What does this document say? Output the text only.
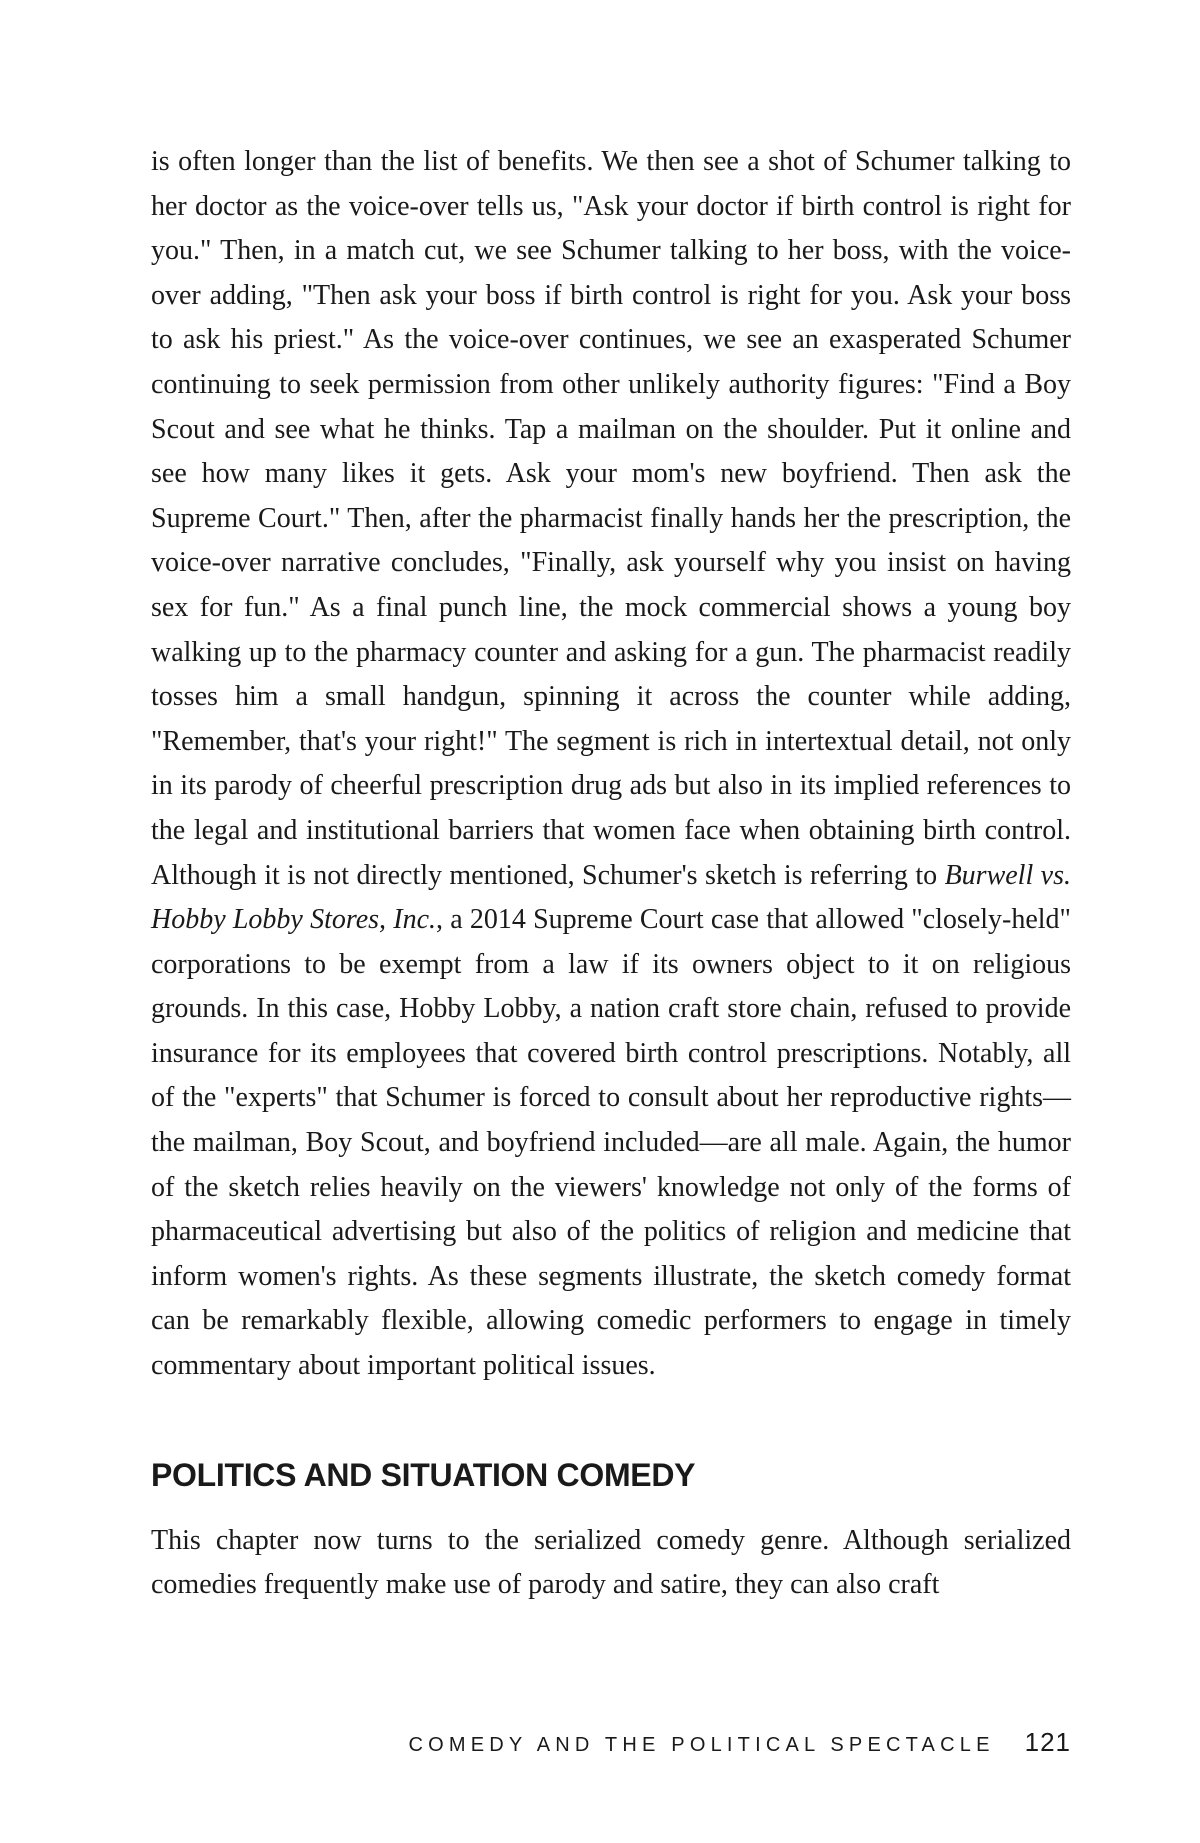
is often longer than the list of benefits. We then see a shot of Schumer talking to her doctor as the voice-over tells us, "Ask your doctor if birth control is right for you." Then, in a match cut, we see Schumer talking to her boss, with the voice-over adding, "Then ask your boss if birth control is right for you. Ask your boss to ask his priest." As the voice-over continues, we see an exasperated Schumer continuing to seek permission from other unlikely authority figures: "Find a Boy Scout and see what he thinks. Tap a mailman on the shoulder. Put it online and see how many likes it gets. Ask your mom's new boyfriend. Then ask the Supreme Court." Then, after the pharmacist finally hands her the prescription, the voice-over narrative concludes, "Finally, ask yourself why you insist on having sex for fun." As a final punch line, the mock commercial shows a young boy walking up to the pharmacy counter and asking for a gun. The pharmacist readily tosses him a small handgun, spinning it across the counter while adding, "Remember, that's your right!" The segment is rich in intertextual detail, not only in its parody of cheerful prescription drug ads but also in its implied references to the legal and institutional barriers that women face when obtaining birth control. Although it is not directly mentioned, Schumer's sketch is referring to Burwell vs. Hobby Lobby Stores, Inc., a 2014 Supreme Court case that allowed "closely-held" corporations to be exempt from a law if its owners object to it on religious grounds. In this case, Hobby Lobby, a nation craft store chain, refused to provide insurance for its employees that covered birth control prescriptions. Notably, all of the "experts" that Schumer is forced to consult about her reproductive rights—the mailman, Boy Scout, and boyfriend included—are all male. Again, the humor of the sketch relies heavily on the viewers' knowledge not only of the forms of pharmaceutical advertising but also of the politics of religion and medicine that inform women's rights. As these segments illustrate, the sketch comedy format can be remarkably flexible, allowing comedic performers to engage in timely commentary about important political issues.

POLITICS AND SITUATION COMEDY

This chapter now turns to the serialized comedy genre. Although serialized comedies frequently make use of parody and satire, they can also craft

COMEDY AND THE POLITICAL SPECTACLE 121
